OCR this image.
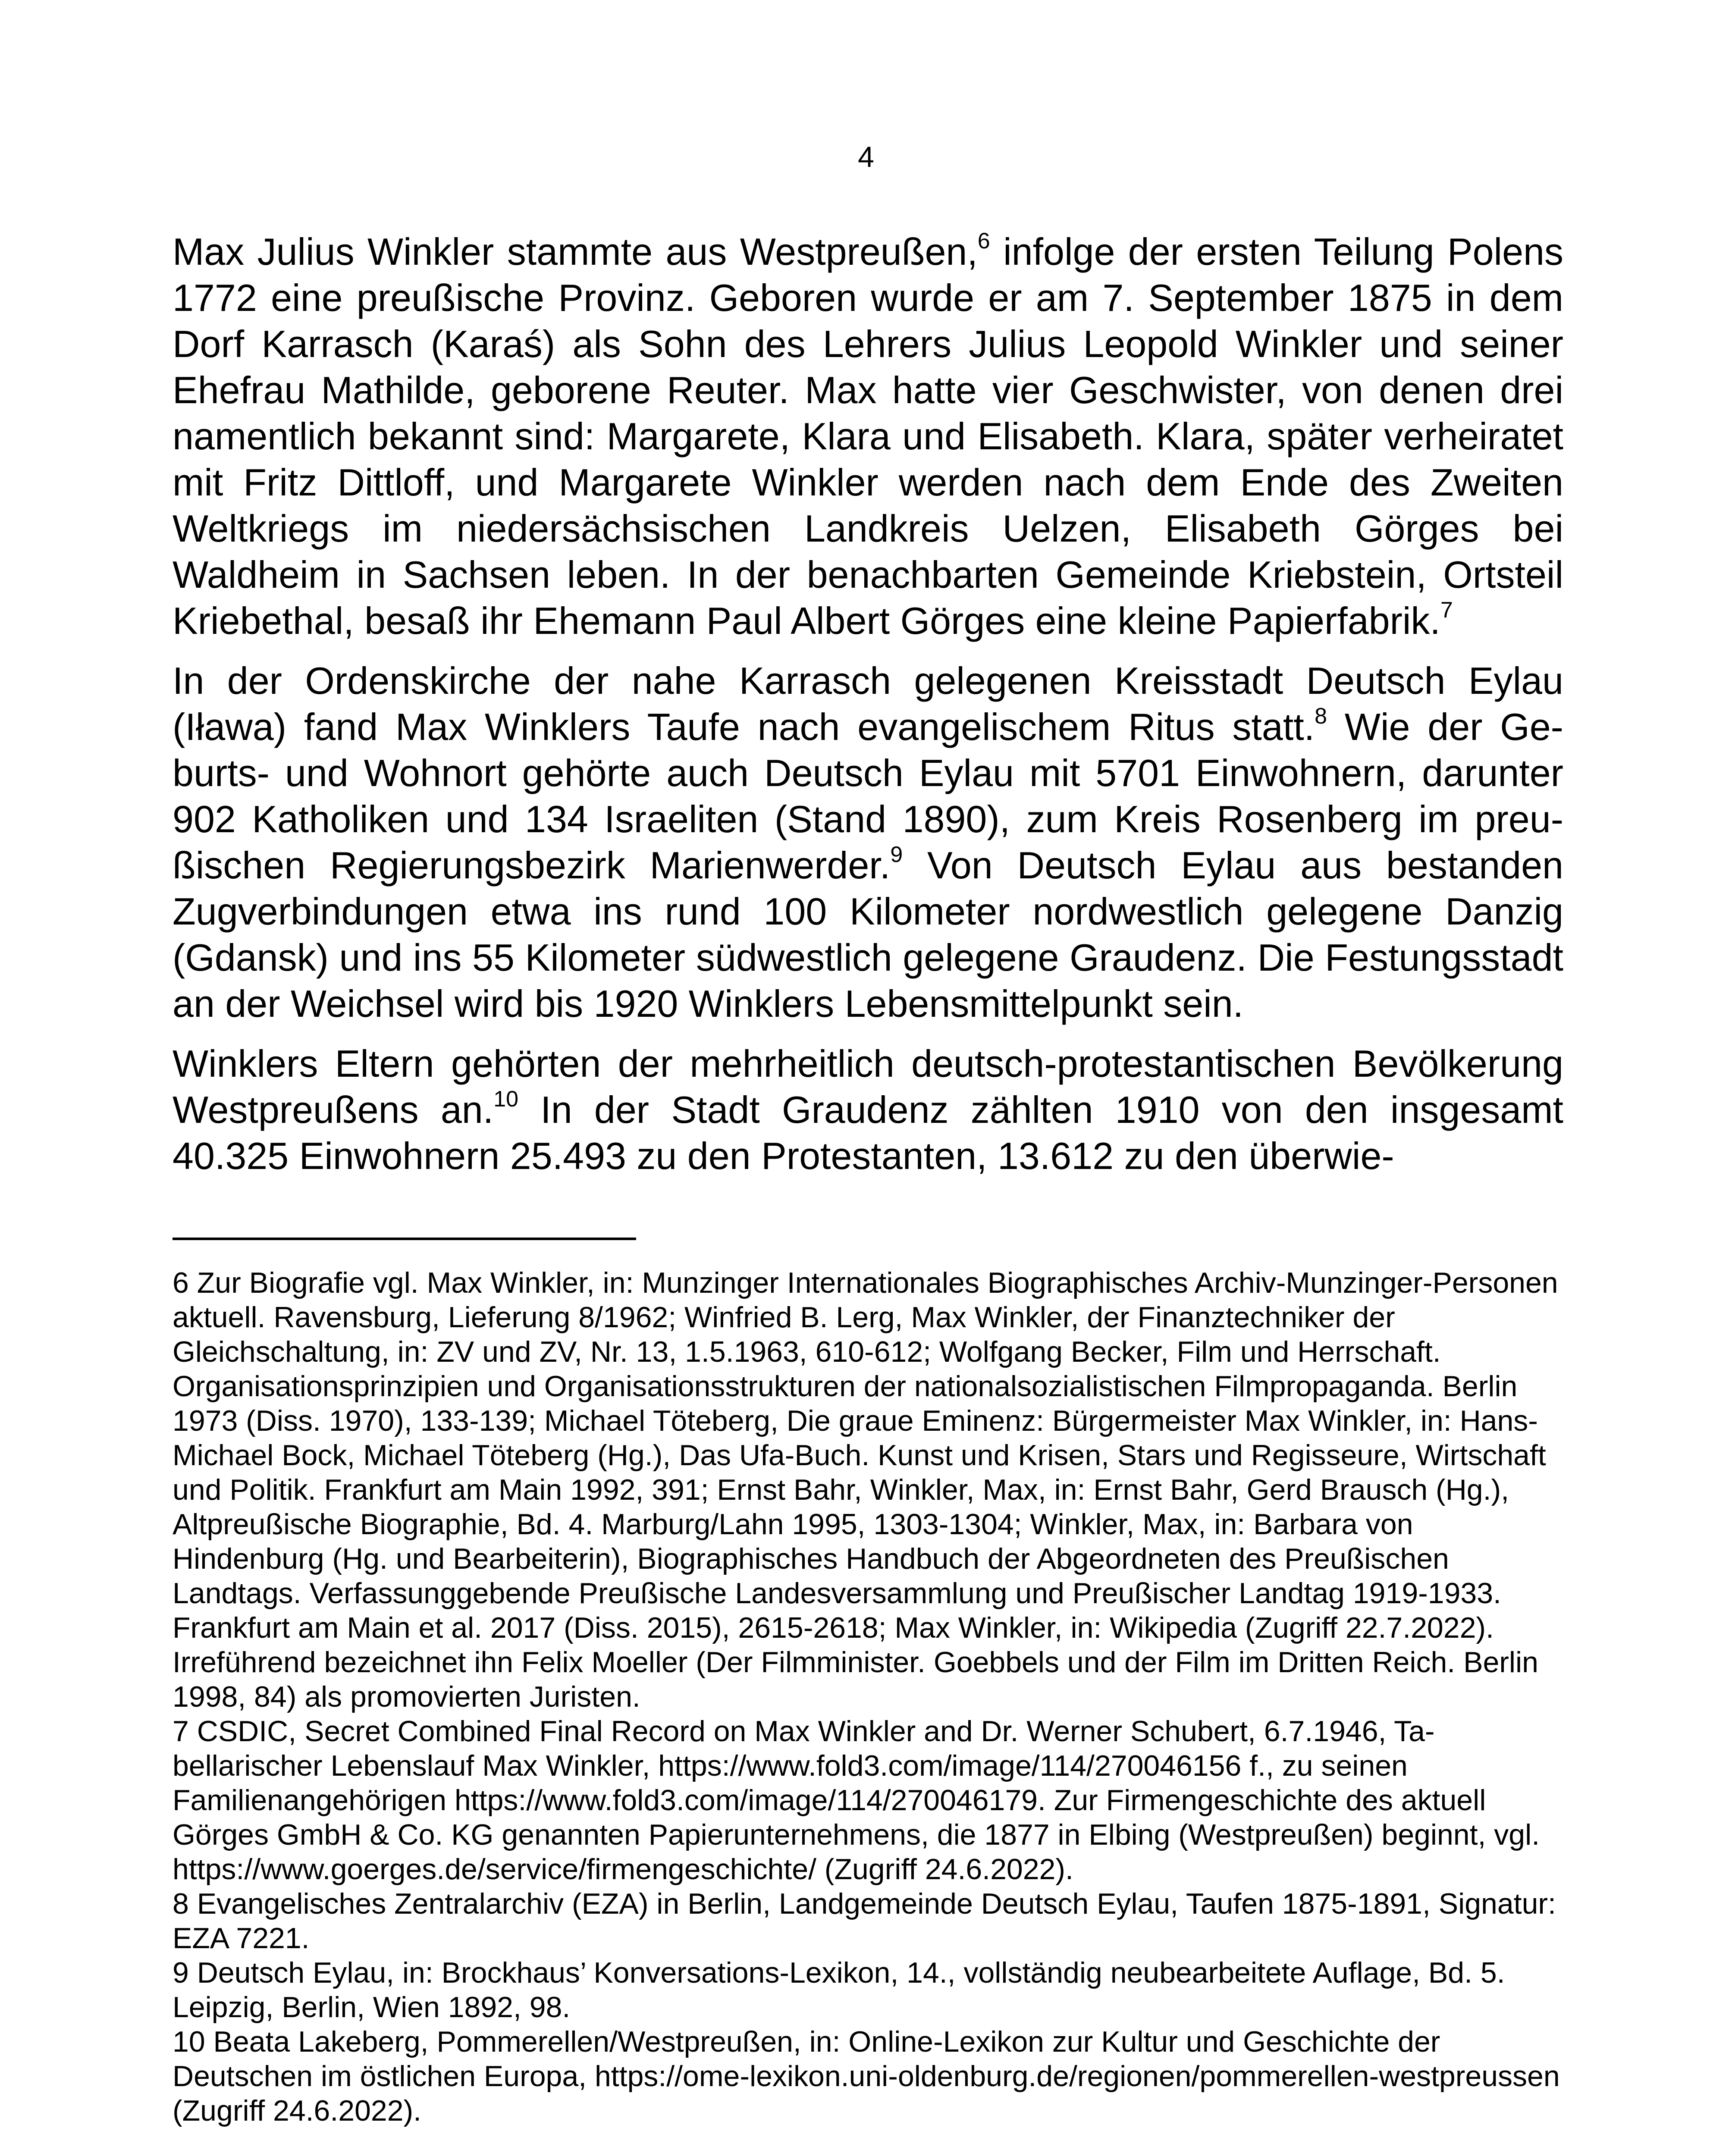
4

Max Julius Winkler stammte aus Westpreußen,$^6$ infolge der ersten Teilung Polens 1772 eine preußische Provinz. Geboren wurde er am 7. September 1875 in dem Dorf Karrasch (Karaś) als Sohn des Lehrers Julius Leopold Winkler und seiner Ehefrau Mathilde, geborene Reuter. Max hatte vier Geschwister, von denen drei namentlich bekannt sind: Margarete, Klara und Elisabeth. Klara, später verheiratet mit Fritz Dittloff, und Margarete Winkler werden nach dem Ende des Zweiten Weltkriegs im niedersächsischen Landkreis Uelzen, Elisabeth Görges bei Waldheim in Sachsen leben. In der benachbarten Gemeinde Kriebstein, Ortsteil Kriebethal, besaß ihr Ehemann Paul Albert Görges eine kleine Papierfabrik.$^7$

In der Ordenskirche der nahe Karrasch gelegenen Kreisstadt Deutsch Eylau (Iława) fand Max Winklers Taufe nach evangelischem Ritus statt.$^8$ Wie der Geburts- und Wohnort gehörte auch Deutsch Eylau mit 5701 Einwohnern, darunter 902 Katholiken und 134 Israeliten (Stand 1890), zum Kreis Rosenberg im preußischen Regierungsbezirk Marienwerder.$^9$ Von Deutsch Eylau aus bestanden Zugverbindungen etwa ins rund 100 Kilometer nordwestlich gelegene Danzig (Gdansk) und ins 55 Kilometer südwestlich gelegene Graudenz. Die Festungsstadt an der Weichsel wird bis 1920 Winklers Lebensmittelpunkt sein.

Winklers Eltern gehörten der mehrheitlich deutsch-protestantischen Bevölkerung Westpreußens an.$^{10}$ In der Stadt Graudenz zählten 1910 von den insgesamt 40.325 Einwohnern 25.493 zu den Protestanten, 13.612 zu den überwie-

6 Zur Biografie vgl. Max Winkler, in: Munzinger Internationales Biographisches Archiv-Munzinger-Personen aktuell. Ravensburg, Lieferung 8/1962; Winfried B. Lerg, Max Winkler, der Finanztechniker der Gleichschaltung, in: ZV und ZV, Nr. 13, 1.5.1963, 610-612; Wolfgang Becker, Film und Herrschaft. Organisationsprinzipien und Organisationsstrukturen der nationalsozialistischen Filmpropaganda. Berlin 1973 (Diss. 1970), 133-139; Michael Töteberg, Die graue Eminenz: Bürgermeister Max Winkler, in: Hans-Michael Bock, Michael Töteberg (Hg.), Das Ufa-Buch. Kunst und Krisen, Stars und Regisseure, Wirtschaft und Politik. Frankfurt am Main 1992, 391; Ernst Bahr, Winkler, Max, in: Ernst Bahr, Gerd Brausch (Hg.), Altpreußische Biographie, Bd. 4. Marburg/Lahn 1995, 1303-1304; Winkler, Max, in: Barbara von Hindenburg (Hg. und Bearbeiterin), Biographisches Handbuch der Abgeordneten des Preußischen Landtags. Verfassunggebende Preußische Landesversammlung und Preußischer Landtag 1919-1933. Frankfurt am Main et al. 2017 (Diss. 2015), 2615-2618; Max Winkler, in: Wikipedia (Zugriff 22.7.2022). Irreführend bezeichnet ihn Felix Moeller (Der Filmminister. Goebbels und der Film im Dritten Reich. Berlin 1998, 84) als promovierten Juristen.

7 CSDIC, Secret Combined Final Record on Max Winkler and Dr. Werner Schubert, 6.7.1946, Tabellarischer Lebenslauf Max Winkler, https://www.fold3.com/image/114/270046156 f., zu seinen Familienangehörigen https://www.fold3.com/image/114/270046179. Zur Firmengeschichte des aktuell Görges GmbH & Co. KG genannten Papierunternehmens, die 1877 in Elbing (Westpreußen) beginnt, vgl. https://www.goerges.de/service/firmengeschichte/ (Zugriff 24.6.2022).

8 Evangelisches Zentralarchiv (EZA) in Berlin, Landgemeinde Deutsch Eylau, Taufen 1875-1891, Signatur: EZA 7221.

9 Deutsch Eylau, in: Brockhaus’ Konversations-Lexikon, 14., vollständig neubearbeitete Auflage, Bd. 5. Leipzig, Berlin, Wien 1892, 98.

10 Beata Lakeberg, Pommerellen/Westpreußen, in: Online-Lexikon zur Kultur und Geschichte der Deutschen im östlichen Europa, https://ome-lexikon.uni-oldenburg.de/regionen/pommerellen-westpreussen (Zugriff 24.6.2022).
